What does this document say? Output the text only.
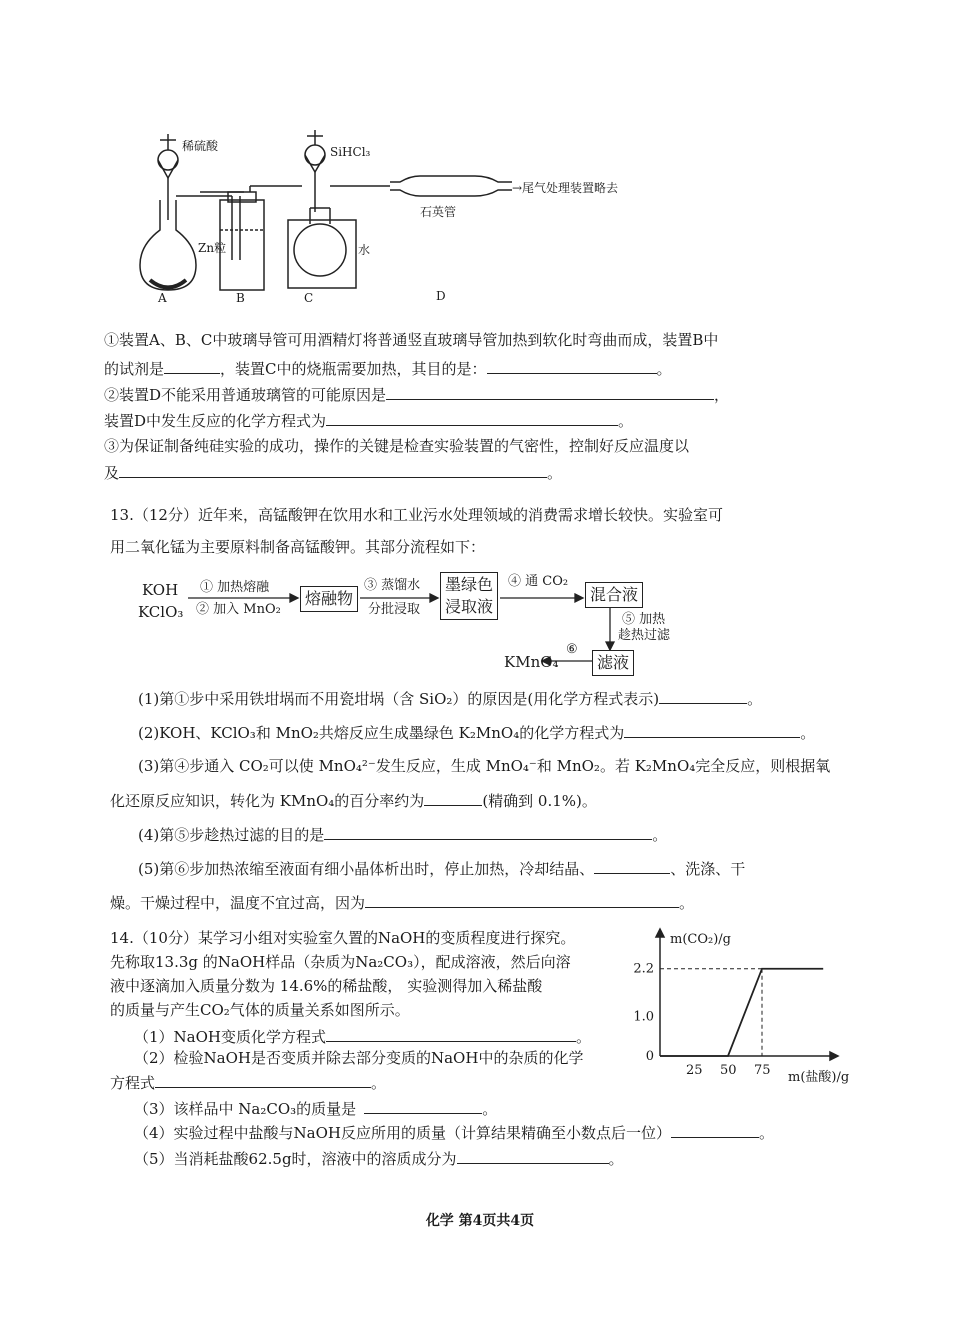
稀硫酸	SiHCl₃
Zn粒	水
石英管
→尾气处理装置略去
A	B	C	D
①装置A、B、C中玻璃导管可用酒精灯将普通竖直玻璃导管加热到软化时弯曲而成，装置B中
的试剂是	，装置C中的烧瓶需要加热，其目的是：	。
②装置D不能采用普通玻璃管的可能原因是	，
装置D中发生反应的化学方程式为	。
③为保证制备纯硅实验的成功，操作的关键是检查实验装置的气密性，控制好反应温度以
及	。
13.（12分）近年来，高锰酸钾在饮用水和工业污水处理领域的消费需求增长较快。实验室可
用二氧化锰为主要原料制备高锰酸钾。其部分流程如下：
KOH
KClO₃
① 加热熔融
② 加入 MnO₂
熔融物
③ 蒸馏水
分批浸取
墨绿色
浸取液
④ 通 CO₂
混合液
⑤ 加热
趁热过滤
滤液
⑥
KMnO₄
(1)第①步中采用铁坩埚而不用瓷坩埚（含 SiO₂）的原因是(用化学方程式表示)	。
(2)KOH、KClO₃和 MnO₂共熔反应生成墨绿色 K₂MnO₄的化学方程式为	。
(3)第④步通入 CO₂可以使 MnO₄²⁻发生反应，生成 MnO₄⁻和 MnO₂。若 K₂MnO₄完全反应，则根据氧
化还原反应知识，转化为 KMnO₄的百分率约为	(精确到 0.1%)。
(4)第⑤步趁热过滤的目的是	。
(5)第⑥步加热浓缩至液面有细小晶体析出时，停止加热，冷却结晶、	、洗涤、干
燥。干燥过程中，温度不宜过高，因为	。
14.（10分）某学习小组对实验室久置的NaOH的变质程度进行探究。
先称取13.3g 的NaOH样品（杂质为Na₂CO₃），配成溶液，然后向溶
液中逐滴加入质量分数为 14.6%的稀盐酸， 实验测得加入稀盐酸
的质量与产生CO₂气体的质量关系如图所示。
（1）NaOH变质化学方程式	。
（2）检验NaOH是否变质并除去部分变质的NaOH中的杂质的化学
方程式	。
（3）该样品中 Na₂CO₃的质量是	。
（4）实验过程中盐酸与NaOH反应所用的质量（计算结果精确至小数点后一位）	。
（5）当消耗盐酸62.5g时，溶液中的溶质成分为	。
m(CO₂)/g
m(盐酸)/g
25 50 75
0
1.0
2.2
化学 第4页共4页
